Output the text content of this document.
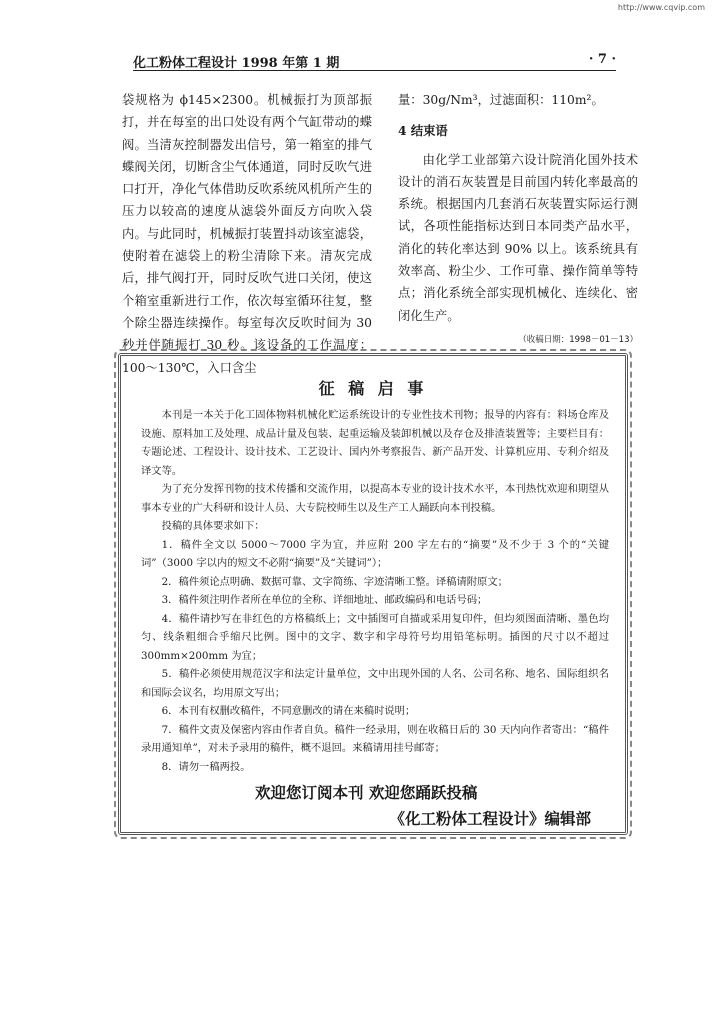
http://www.cqvip.com
化工粉体工程设计 1998 年第 1 期	· 7 ·

袋规格为 ϕ145×2300。机械振打为顶部振打，并在每室的出口处设有两个气缸带动的蝶阀。当清灰控制器发出信号，第一箱室的排气蝶阀关闭，切断含尘气体通道，同时反吹气进口打开，净化气体借助反吹系统风机所产生的压力以较高的速度从滤袋外面反方向吹入袋内。与此同时，机械振打装置抖动该室滤袋，使附着在滤袋上的粉尘清除下来。清灰完成后，排气阀打开，同时反吹气进口关闭，使这个箱室重新进行工作，依次每室循环往复，整个除尘器连续操作。每室每次反吹时间为 30 秒并伴随振打 30 秒。该设备的工作温度：100～130℃，入口含尘

量：30g/Nm³，过滤面积：110m²。

4 结束语

由化学工业部第六设计院消化国外技术设计的消石灰装置是目前国内转化率最高的系统。根据国内几套消石灰装置实际运行测试，各项性能指标达到日本同类产品水平，消化的转化率达到 90% 以上。该系统具有效率高、粉尘少、工作可靠、操作简单等特点；消化系统全部实现机械化、连续化、密闭化生产。

（收稿日期：1998－01－13）

征 稿 启 事

本刊是一本关于化工固体物料机械化贮运系统设计的专业性技术刊物；报导的内容有：料场仓库及设施、原料加工及处理、成品计量及包装、起重运输及装卸机械以及存仓及排渣装置等；主要栏目有：专题论述、工程设计、设计技术、工艺设计、国内外考察报告、新产品开发、计算机应用、专利介绍及译文等。

为了充分发挥刊物的技术传播和交流作用，以提高本专业的设计技术水平，本刊热忱欢迎和期望从事本专业的广大科研和设计人员、大专院校师生以及生产工人踊跃向本刊投稿。

投稿的具体要求如下：

1．稿件全文以 5000～7000 字为宜，并应附 200 字左右的“摘要”及不少于 3 个的“关键词”（3000 字以内的短文不必附“摘要”及“关键词”）；

2．稿件须论点明确、数据可靠、文字简练、字迹清晰工整。译稿请附原文；

3．稿件须注明作者所在单位的全称、详细地址、邮政编码和电话号码；

4．稿件请抄写在非红色的方格稿纸上；文中插图可自描或采用复印件，但均须图面清晰、墨色均匀、线条粗细合乎缩尺比例。图中的文字、数字和字母符号均用铅笔标明。插图的尺寸以不超过 300mm×200mm 为宜；

5．稿件必须使用规范汉字和法定计量单位，文中出现外国的人名、公司名称、地名、国际组织名和国际会议名，均用原文写出；

6．本刊有权删改稿件，不同意删改的请在来稿时说明；

7．稿件文责及保密内容由作者自负。稿件一经录用，则在收稿日后的 30 天内向作者寄出：“稿件录用通知单”，对未予录用的稿件，概不退回。来稿请用挂号邮寄；

8．请勿一稿两投。

欢迎您订阅本刊 欢迎您踊跃投稿
《化工粉体工程设计》编辑部
